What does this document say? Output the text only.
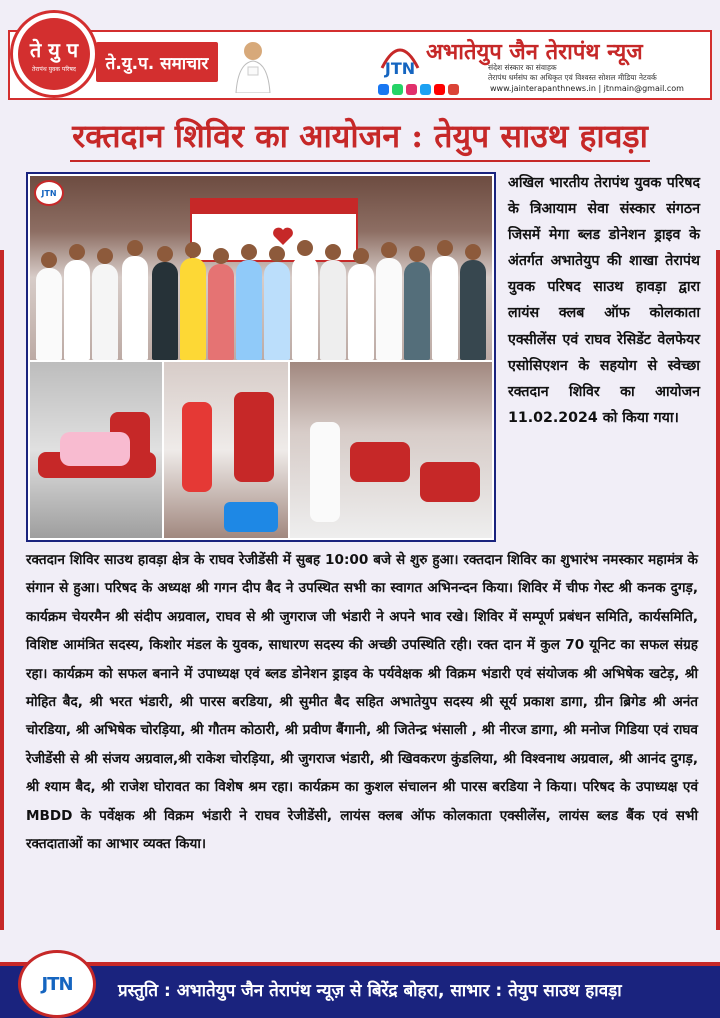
ते यु प
तेरापंथ युवक परिषद	ते.यु.प. समाचार	JTN
अभातेयुप जैन तेरापंथ न्यूज
संदेश संस्कार का संवाहक
तेरापंथ धर्मसंघ का अधिकृत एवं विश्वस्त सोशल मीडिया नेटवर्क
www.jainterapanthnews.in | jtnmain@gmail.com
रक्तदान शिविर का आयोजन : तेयुप साउथ हावड़ा
JTN
अखिल भारतीय तेरापंथ युवक परिषद के त्रिआयाम सेवा संस्कार संगठन जिसमें मेगा ब्लड डोनेशन ड्राइव के अंतर्गत अभातेयुप की शाखा तेरापंथ युवक परिषद साउथ हावड़ा द्वारा लायंस क्लब ऑफ कोलकाता एक्सीलेंस एवं राघव रेसिडेंट वेलफेयर एसोसिएशन के सहयोग से स्वेच्छा रक्तदान शिविर का आयोजन 11.02.2024 को किया गया।
रक्तदान शिविर साउथ हावड़ा क्षेत्र के राघव रेजीडेंसी में सुबह 10:00 बजे से शुरु हुआ। रक्तदान शिविर का शुभारंभ नमस्कार महामंत्र के संगान से हुआ। परिषद के अध्यक्ष श्री गगन दीप बैद ने उपस्थित सभी का स्वागत अभिनन्दन किया। शिविर में चीफ गेस्ट श्री कनक दुगड़, कार्यक्रम चेयरमैन श्री संदीप अग्रवाल, राघव से श्री जुगराज जी भंडारी ने अपने भाव रखे। शिविर में सम्पूर्ण प्रबंधन समिति, कार्यसमिति, विशिष्ट आमंत्रित सदस्य, किशोर मंडल के युवक, साधारण सदस्य की अच्छी उपस्थिति रही। रक्त दान में कुल 70 यूनिट का सफल संग्रह रहा। कार्यक्रम को सफल बनाने में उपाध्यक्ष एवं ब्लड डोनेशन ड्राइव के पर्यवेक्षक श्री विक्रम भंडारी एवं संयोजक श्री अभिषेक खटेड़, श्री मोहित बैद, श्री भरत भंडारी, श्री पारस बरडिया, श्री सुमीत बैद सहित अभातेयुप सदस्य श्री सूर्य प्रकाश डागा, ग्रीन ब्रिगेड श्री अनंत चोरडिया, श्री अभिषेक चोरड़िया, श्री गौतम कोठारी, श्री प्रवीण बैंगानी, श्री जितेन्द्र भंसाली , श्री नीरज डागा, श्री मनोज गिडिया एवं राघव रेजीडेंसी से श्री संजय अग्रवाल,श्री राकेश चोरड़िया, श्री जुगराज भंडारी, श्री खिवकरण कुंडलिया, श्री विश्वनाथ अग्रवाल, श्री आनंद दुगड़, श्री श्याम बैद, श्री राजेश घोरावत का विशेष श्रम रहा। कार्यक्रम का कुशल संचालन श्री पारस बरडिया ने किया। परिषद के उपाध्यक्ष एवं MBDD के पर्वेक्षक श्री विक्रम भंडारी ने राघव रेजीडेंसी, लायंस क्लब ऑफ कोलकाता एक्सीलेंस, लायंस ब्लड बैंक एवं सभी रक्तदाताओं का आभार व्यक्त किया।
JTN	प्रस्तुति : अभातेयुप जैन तेरापंथ न्यूज़ से बिरेंद्र बोहरा, साभार : तेयुप साउथ हावड़ा
